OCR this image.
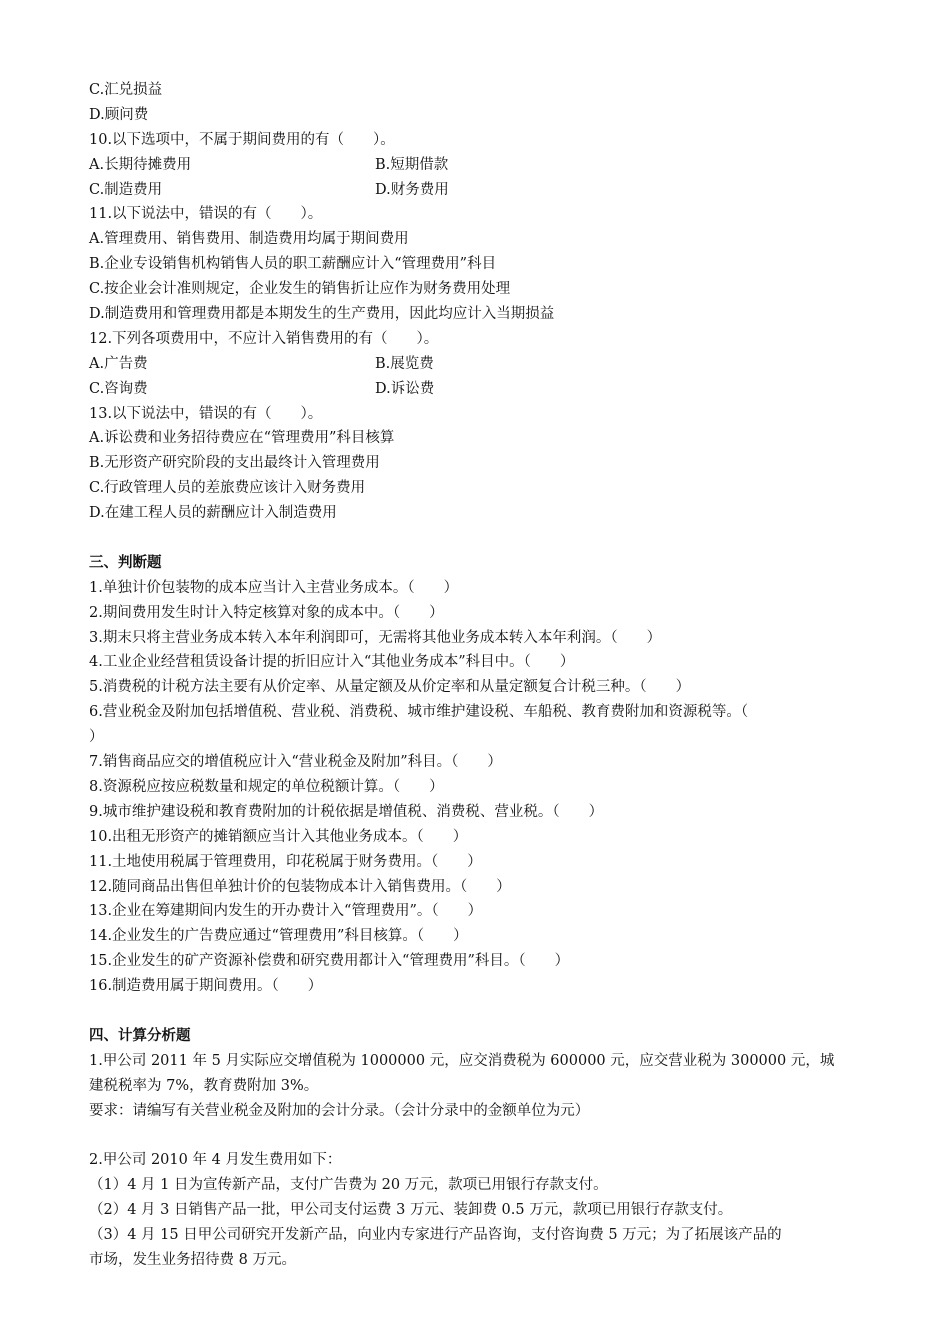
C.汇兑损益
D.顾问费
10.以下选项中，不属于期间费用的有（　　）。
A.长期待摊费用	B.短期借款
C.制造费用	D.财务费用
11.以下说法中，错误的有（　　）。
A.管理费用、销售费用、制造费用均属于期间费用
B.企业专设销售机构销售人员的职工薪酬应计入“管理费用”科目
C.按企业会计准则规定，企业发生的销售折让应作为财务费用处理
D.制造费用和管理费用都是本期发生的生产费用，因此均应计入当期损益
12.下列各项费用中，不应计入销售费用的有（　　）。
A.广告费	B.展览费
C.咨询费	D.诉讼费
13.以下说法中，错误的有（　　）。
A.诉讼费和业务招待费应在“管理费用”科目核算
B.无形资产研究阶段的支出最终计入管理费用
C.行政管理人员的差旅费应该计入财务费用
D.在建工程人员的薪酬应计入制造费用
三、判断题
1.单独计价包装物的成本应当计入主营业务成本。（　　）
2.期间费用发生时计入特定核算对象的成本中。（　　）
3.期末只将主营业务成本转入本年利润即可，无需将其他业务成本转入本年利润。（　　）
4.工业企业经营租赁设备计提的折旧应计入“其他业务成本”科目中。（　　）
5.消费税的计税方法主要有从价定率、从量定额及从价定率和从量定额复合计税三种。（　　）
6.营业税金及附加包括增值税、营业税、消费税、城市维护建设税、车船税、教育费附加和资源税等。（
）
7.销售商品应交的增值税应计入“营业税金及附加”科目。（　　）
8.资源税应按应税数量和规定的单位税额计算。（　　）
9.城市维护建设税和教育费附加的计税依据是增值税、消费税、营业税。（　　）
10.出租无形资产的摊销额应当计入其他业务成本。（　　）
11.土地使用税属于管理费用，印花税属于财务费用。（　　）
12.随同商品出售但单独计价的包装物成本计入销售费用。（　　）
13.企业在筹建期间内发生的开办费计入“管理费用”。（　　）
14.企业发生的广告费应通过“管理费用”科目核算。（　　）
15.企业发生的矿产资源补偿费和研究费用都计入“管理费用”科目。（　　）
16.制造费用属于期间费用。（　　）
四、计算分析题
1.甲公司 2011 年 5 月实际应交增值税为 1000000 元，应交消费税为 600000 元，应交营业税为 300000 元，城
建税税率为 7%，教育费附加 3%。
要求：请编写有关营业税金及附加的会计分录。（会计分录中的金额单位为元）
2.甲公司 2010 年 4 月发生费用如下：
（1）4 月 1 日为宣传新产品，支付广告费为 20 万元，款项已用银行存款支付。
（2）4 月 3 日销售产品一批，甲公司支付运费 3 万元、装卸费 0.5 万元，款项已用银行存款支付。
（3）4 月 15 日甲公司研究开发新产品，向业内专家进行产品咨询，支付咨询费 5 万元；为了拓展该产品的
市场，发生业务招待费 8 万元。
